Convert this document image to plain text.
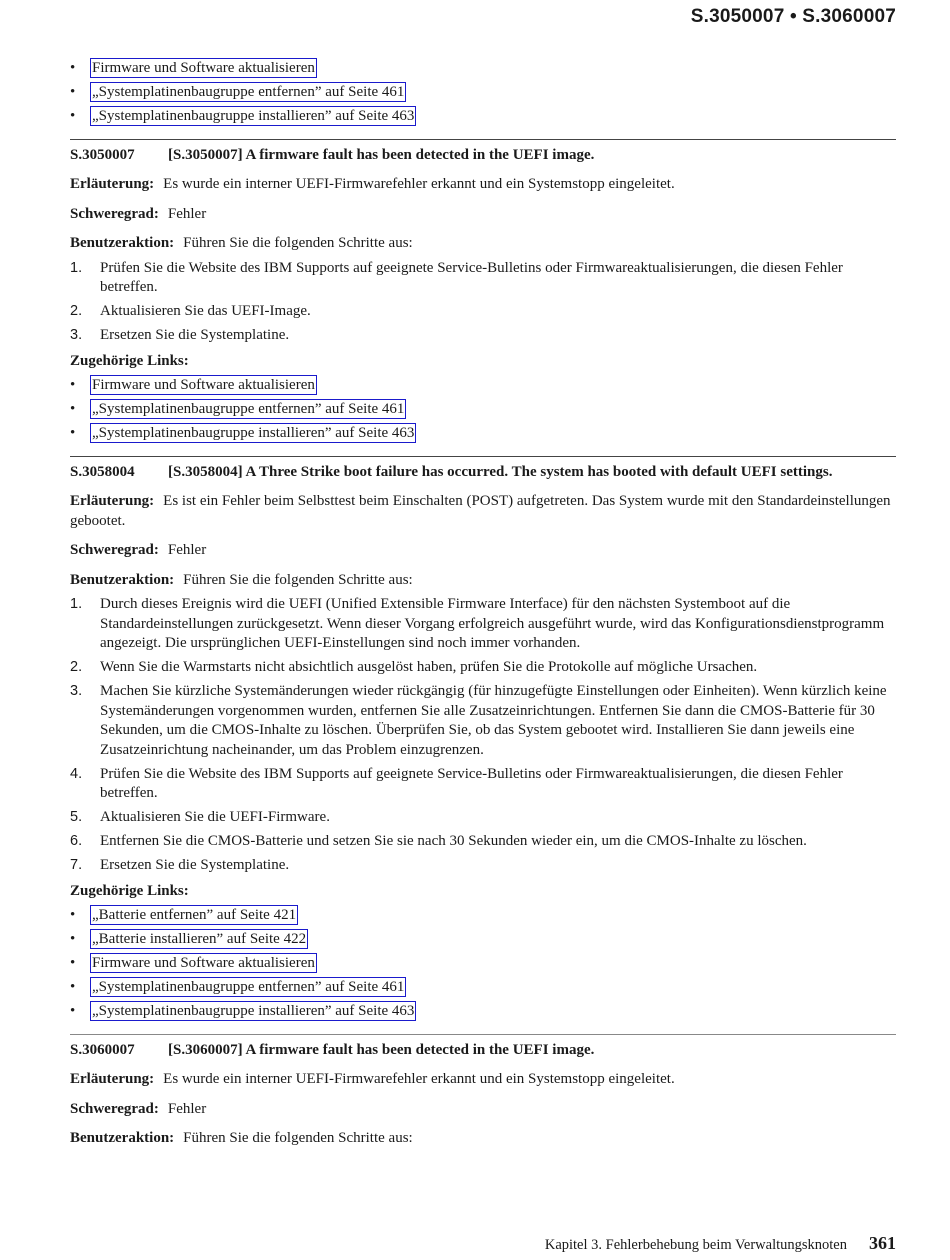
S.3050007 • S.3060007
• Firmware und Software aktualisieren
• „Systemplatinenbaugruppe entfernen” auf Seite 461
• „Systemplatinenbaugruppe installieren” auf Seite 463
S.3050007	[S.3050007] A firmware fault has been detected in the UEFI image.

Erläuterung: Es wurde ein interner UEFI-Firmwarefehler erkannt und ein Systemstopp eingeleitet.

Schweregrad: Fehler

Benutzeraktion: Führen Sie die folgenden Schritte aus:

1. Prüfen Sie die Website des IBM Supports auf geeignete Service-Bulletins oder Firmwareaktualisierungen, die diesen Fehler betreffen.
2. Aktualisieren Sie das UEFI-Image.
3. Ersetzen Sie die Systemplatine.

Zugehörige Links:

• Firmware und Software aktualisieren
• „Systemplatinenbaugruppe entfernen” auf Seite 461
• „Systemplatinenbaugruppe installieren” auf Seite 463
S.3058004	[S.3058004] A Three Strike boot failure has occurred. The system has booted with default UEFI settings.

Erläuterung: Es ist ein Fehler beim Selbsttest beim Einschalten (POST) aufgetreten. Das System wurde mit den Standardeinstellungen gebootet.

Schweregrad: Fehler

Benutzeraktion: Führen Sie die folgenden Schritte aus:

1. Durch dieses Ereignis wird die UEFI (Unified Extensible Firmware Interface) für den nächsten Systemboot auf die Standardeinstellungen zurückgesetzt. Wenn dieser Vorgang erfolgreich ausgeführt wurde, wird das Konfigurationsdienstprogramm angezeigt. Die ursprünglichen UEFI-Einstellungen sind noch immer vorhanden.
2. Wenn Sie die Warmstarts nicht absichtlich ausgelöst haben, prüfen Sie die Protokolle auf mögliche Ursachen.
3. Machen Sie kürzliche Systemänderungen wieder rückgängig (für hinzugefügte Einstellungen oder Einheiten). Wenn kürzlich keine Systemänderungen vorgenommen wurden, entfernen Sie alle Zusatzeinrichtungen. Entfernen Sie dann die CMOS-Batterie für 30 Sekunden, um die CMOS-Inhalte zu löschen. Überprüfen Sie, ob das System gebootet wird. Installieren Sie dann jeweils eine Zusatzeinrichtung nacheinander, um das Problem einzugrenzen.
4. Prüfen Sie die Website des IBM Supports auf geeignete Service-Bulletins oder Firmwareaktualisierungen, die diesen Fehler betreffen.
5. Aktualisieren Sie die UEFI-Firmware.
6. Entfernen Sie die CMOS-Batterie und setzen Sie sie nach 30 Sekunden wieder ein, um die CMOS-Inhalte zu löschen.
7. Ersetzen Sie die Systemplatine.

Zugehörige Links:

• „Batterie entfernen” auf Seite 421
• „Batterie installieren” auf Seite 422
• Firmware und Software aktualisieren
• „Systemplatinenbaugruppe entfernen” auf Seite 461
• „Systemplatinenbaugruppe installieren” auf Seite 463
S.3060007	[S.3060007] A firmware fault has been detected in the UEFI image.

Erläuterung: Es wurde ein interner UEFI-Firmwarefehler erkannt und ein Systemstopp eingeleitet.

Schweregrad: Fehler

Benutzeraktion: Führen Sie die folgenden Schritte aus:

Kapitel 3. Fehlerbehebung beim Verwaltungsknoten 361
